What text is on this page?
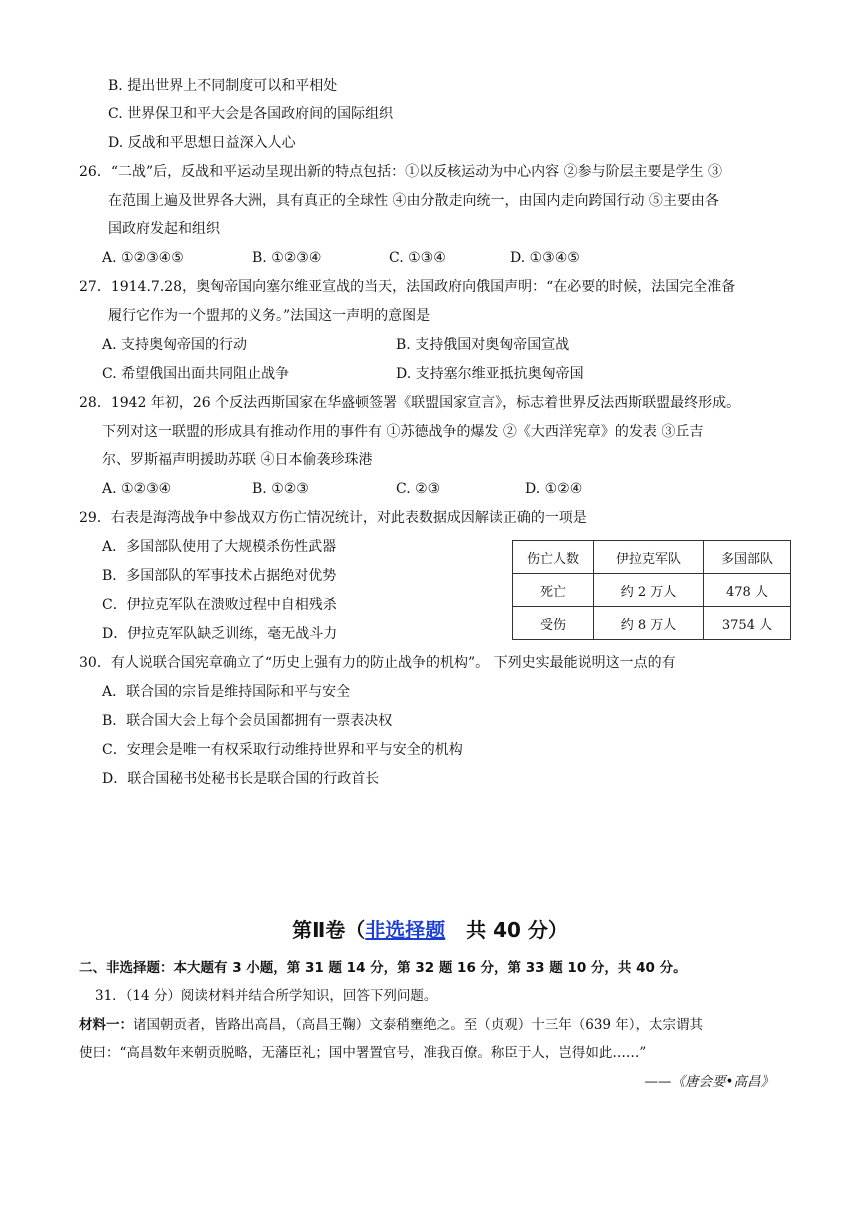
B. 提出世界上不同制度可以和平相处
C. 世界保卫和平大会是各国政府间的国际组织
D. 反战和平思想日益深入人心
26．“二战”后，反战和平运动呈现出新的特点包括：①以反核运动为中心内容 ②参与阶层主要是学生 ③
在范围上遍及世界各大洲，具有真正的全球性 ④由分散走向统一，由国内走向跨国行动 ⑤主要由各
国政府发起和组织
A. ①②③④⑤	B. ①②③④	C. ①③④	D. ①③④⑤
27．1914.7.28，奥匈帝国向塞尔维亚宣战的当天，法国政府向俄国声明：“在必要的时候，法国完全准备
履行它作为一个盟邦的义务。”法国这一声明的意图是
A. 支持奥匈帝国的行动	B. 支持俄国对奥匈帝国宣战
C. 希望俄国出面共同阻止战争	D. 支持塞尔维亚抵抗奥匈帝国
28．1942 年初，26 个反法西斯国家在华盛顿签署《联盟国家宣言》，标志着世界反法西斯联盟最终形成。
下列对这一联盟的形成具有推动作用的事件有 ①苏德战争的爆发 ②《大西洋宪章》的发表 ③丘吉
尔、罗斯福声明援助苏联 ④日本偷袭珍珠港
A. ①②③④	B. ①②③	C. ②③	D. ①②④
29．右表是海湾战争中参战双方伤亡情况统计，对此表数据成因解读正确的一项是
A．多国部队使用了大规模杀伤性武器
B．多国部队的军事技术占据绝对优势
C．伊拉克军队在溃败过程中自相残杀
D．伊拉克军队缺乏训练，毫无战斗力
伤亡人数	伊拉克军队	多国部队
死亡	约 2 万人	478 人
受伤	约 8 万人	3754 人
30．有人说联合国宪章确立了“历史上强有力的防止战争的机构”。 下列史实最能说明这一点的有
A．联合国的宗旨是维持国际和平与安全
B．联合国大会上每个会员国都拥有一票表决权
C．安理会是唯一有权采取行动维持世界和平与安全的机构
D．联合国秘书处秘书长是联合国的行政首长
第Ⅱ卷（非选择题   共 40 分）
二、非选择题：本大题有 3 小题，第 31 题 14 分，第 32 题 16 分，第 33 题 10 分，共 40 分。
31．（14 分）阅读材料并结合所学知识，回答下列问题。
材料一：诸国朝贡者，皆路出高昌，（高昌王鞠）文泰稍壅绝之。至（贞观）十三年（639 年），太宗谓其
使曰：“高昌数年来朝贡脱略，无藩臣礼；国中署置官号，准我百僚。称臣于人，岂得如此……”
——《唐会要•高昌》
